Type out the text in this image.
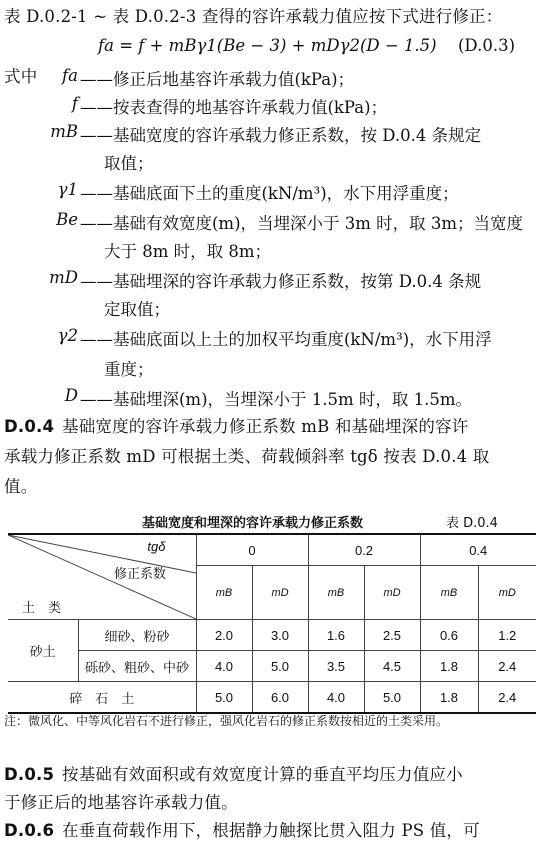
表 D.0.2-1 ~ 表 D.0.2-3 查得的容许承载力值应按下式进行修正：
fa = f + mBγ1(Be − 3) + mDγ2(D − 1.5) (D.0.3)
式中	fa ——修正后地基容许承载力值(kPa)；
f ——按表查得的地基容许承载力值(kPa)；
mB ——基础宽度的容许承载力修正系数，按 D.0.4 条规定
取值；
γ1 ——基础底面下土的重度(kN/m³)，水下用浮重度；
Be ——基础有效宽度(m)，当埋深小于 3m 时，取 3m；当宽度
大于 8m 时，取 8m；
mD ——基础埋深的容许承载力修正系数，按第 D.0.4 条规
定取值；
γ2 ——基础底面以上土的加权平均重度(kN/m³)，水下用浮
重度；
D ——基础埋深(m)，当埋深小于 1.5m 时，取 1.5m。
D.0.4 基础宽度的容许承载力修正系数 mB 和基础埋深的容许
承载力修正系数 mD 可根据土类、荷载倾斜率 tgδ 按表 D.0.4 取
值。
基础宽度和埋深的容许承载力修正系数	表 D.0.4
tgδ
修正系数
土　类		0		0.2		0.4	
		mB	mD	mB	mD	mB	mD
砂土	细砂、粉砂	2.0	3.0	1.6	2.5	0.6	1.2
	砾砂、粗砂、中砂	4.0	5.0	3.5	4.5	1.8	2.4
碎　石　土		5.0	6.0	4.0	5.0	1.8	2.4
注：微风化、中等风化岩石不进行修正，强风化岩石的修正系数按相近的土类采用。
D.0.5 按基础有效面积或有效宽度计算的垂直平均压力值应小
于修正后的地基容许承载力值。
D.0.6 在垂直荷载作用下，根据静力触探比贯入阻力 PS 值，可
